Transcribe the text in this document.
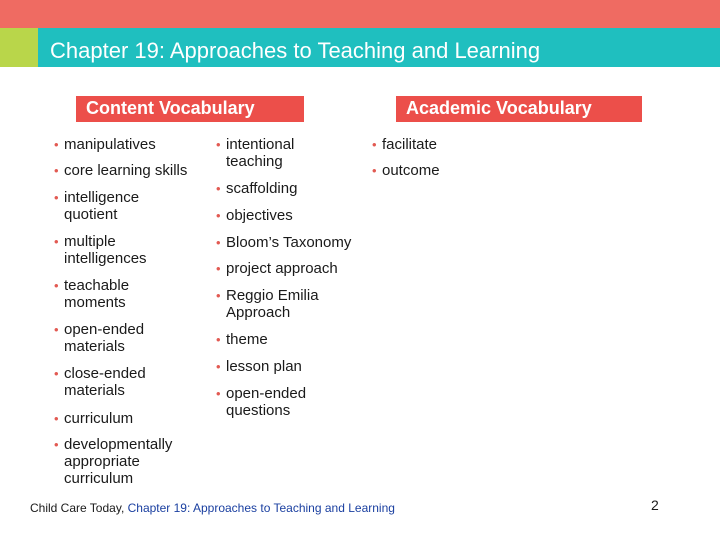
Chapter 19: Approaches to Teaching and Learning
Content Vocabulary	Academic Vocabulary
• manipulatives
• core learning skills
• intelligence
quotient
• multiple
intelligences
• teachable
moments
• open-ended
materials
• close-ended
materials
• curriculum
• developmentally
appropriate
curriculum
• intentional
teaching
• scaffolding
• objectives
• Bloom’s Taxonomy
• project approach
• Reggio Emilia
Approach
• theme
• lesson plan
• open-ended
questions
• facilitate
• outcome
Child Care Today, Chapter 19: Approaches to Teaching and Learning	2
